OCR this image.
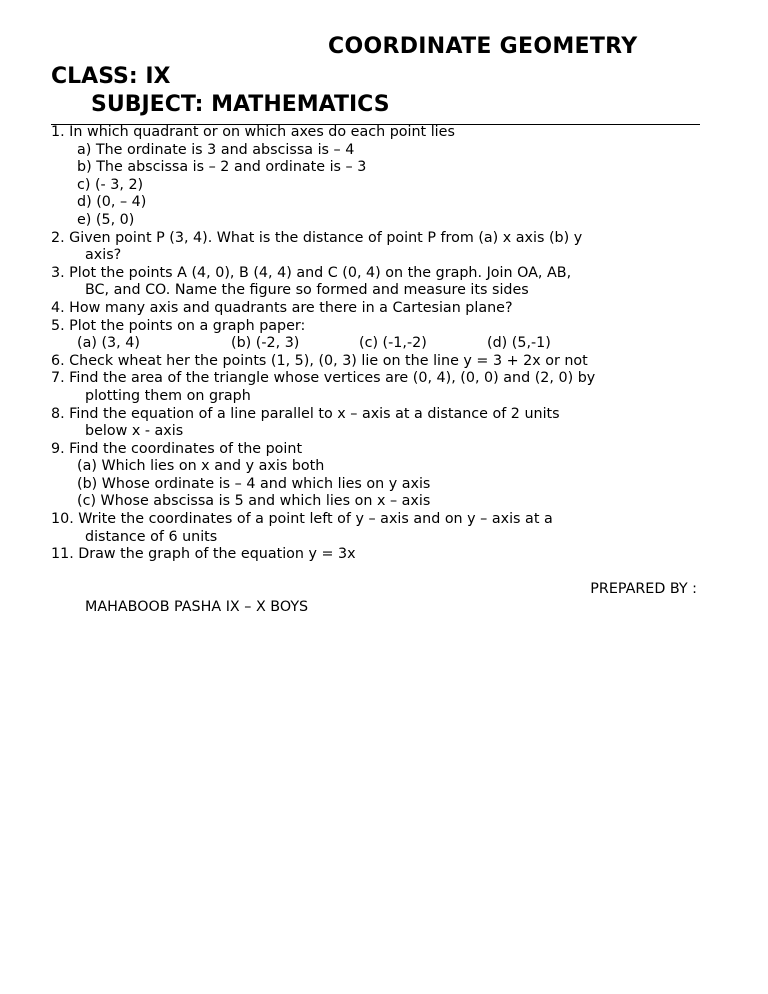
COORDINATE GEOMETRY
CLASS: IX
SUBJECT: MATHEMATICS
1. In which quadrant or on which axes do each point lies
a) The ordinate is 3 and abscissa is – 4
b) The abscissa is – 2 and ordinate is – 3
c) (- 3, 2)
d) (0, – 4)
e) (5, 0)
2. Given point P (3, 4). What is the distance of point P from (a) x axis (b) y
axis?
3. Plot the points A (4, 0), B (4, 4) and C (0, 4) on the graph. Join OA, AB,
BC, and CO. Name the figure so formed and measure its sides
4. How many axis and quadrants are there in a Cartesian plane?
5. Plot the points on a graph paper:
(a) (3, 4)	(b) (-2, 3)	(c) (-1,-2)	(d) (5,-1)
6. Check wheat her the points (1, 5), (0, 3) lie on the line y = 3 + 2x or not
7. Find the area of the triangle whose vertices are (0, 4), (0, 0) and (2, 0) by
plotting them on graph
8. Find the equation of a line parallel to x – axis at a distance of 2 units
below x - axis
9. Find the coordinates of the point
(a) Which lies on x and y axis both
(b) Whose ordinate is – 4 and which lies on y axis
(c) Whose abscissa is 5 and which lies on x – axis
10. Write the coordinates of a point left of y – axis and on y – axis at a
distance of 6 units
11. Draw the graph of the equation y = 3x
PREPARED BY :
MAHABOOB PASHA IX – X BOYS
